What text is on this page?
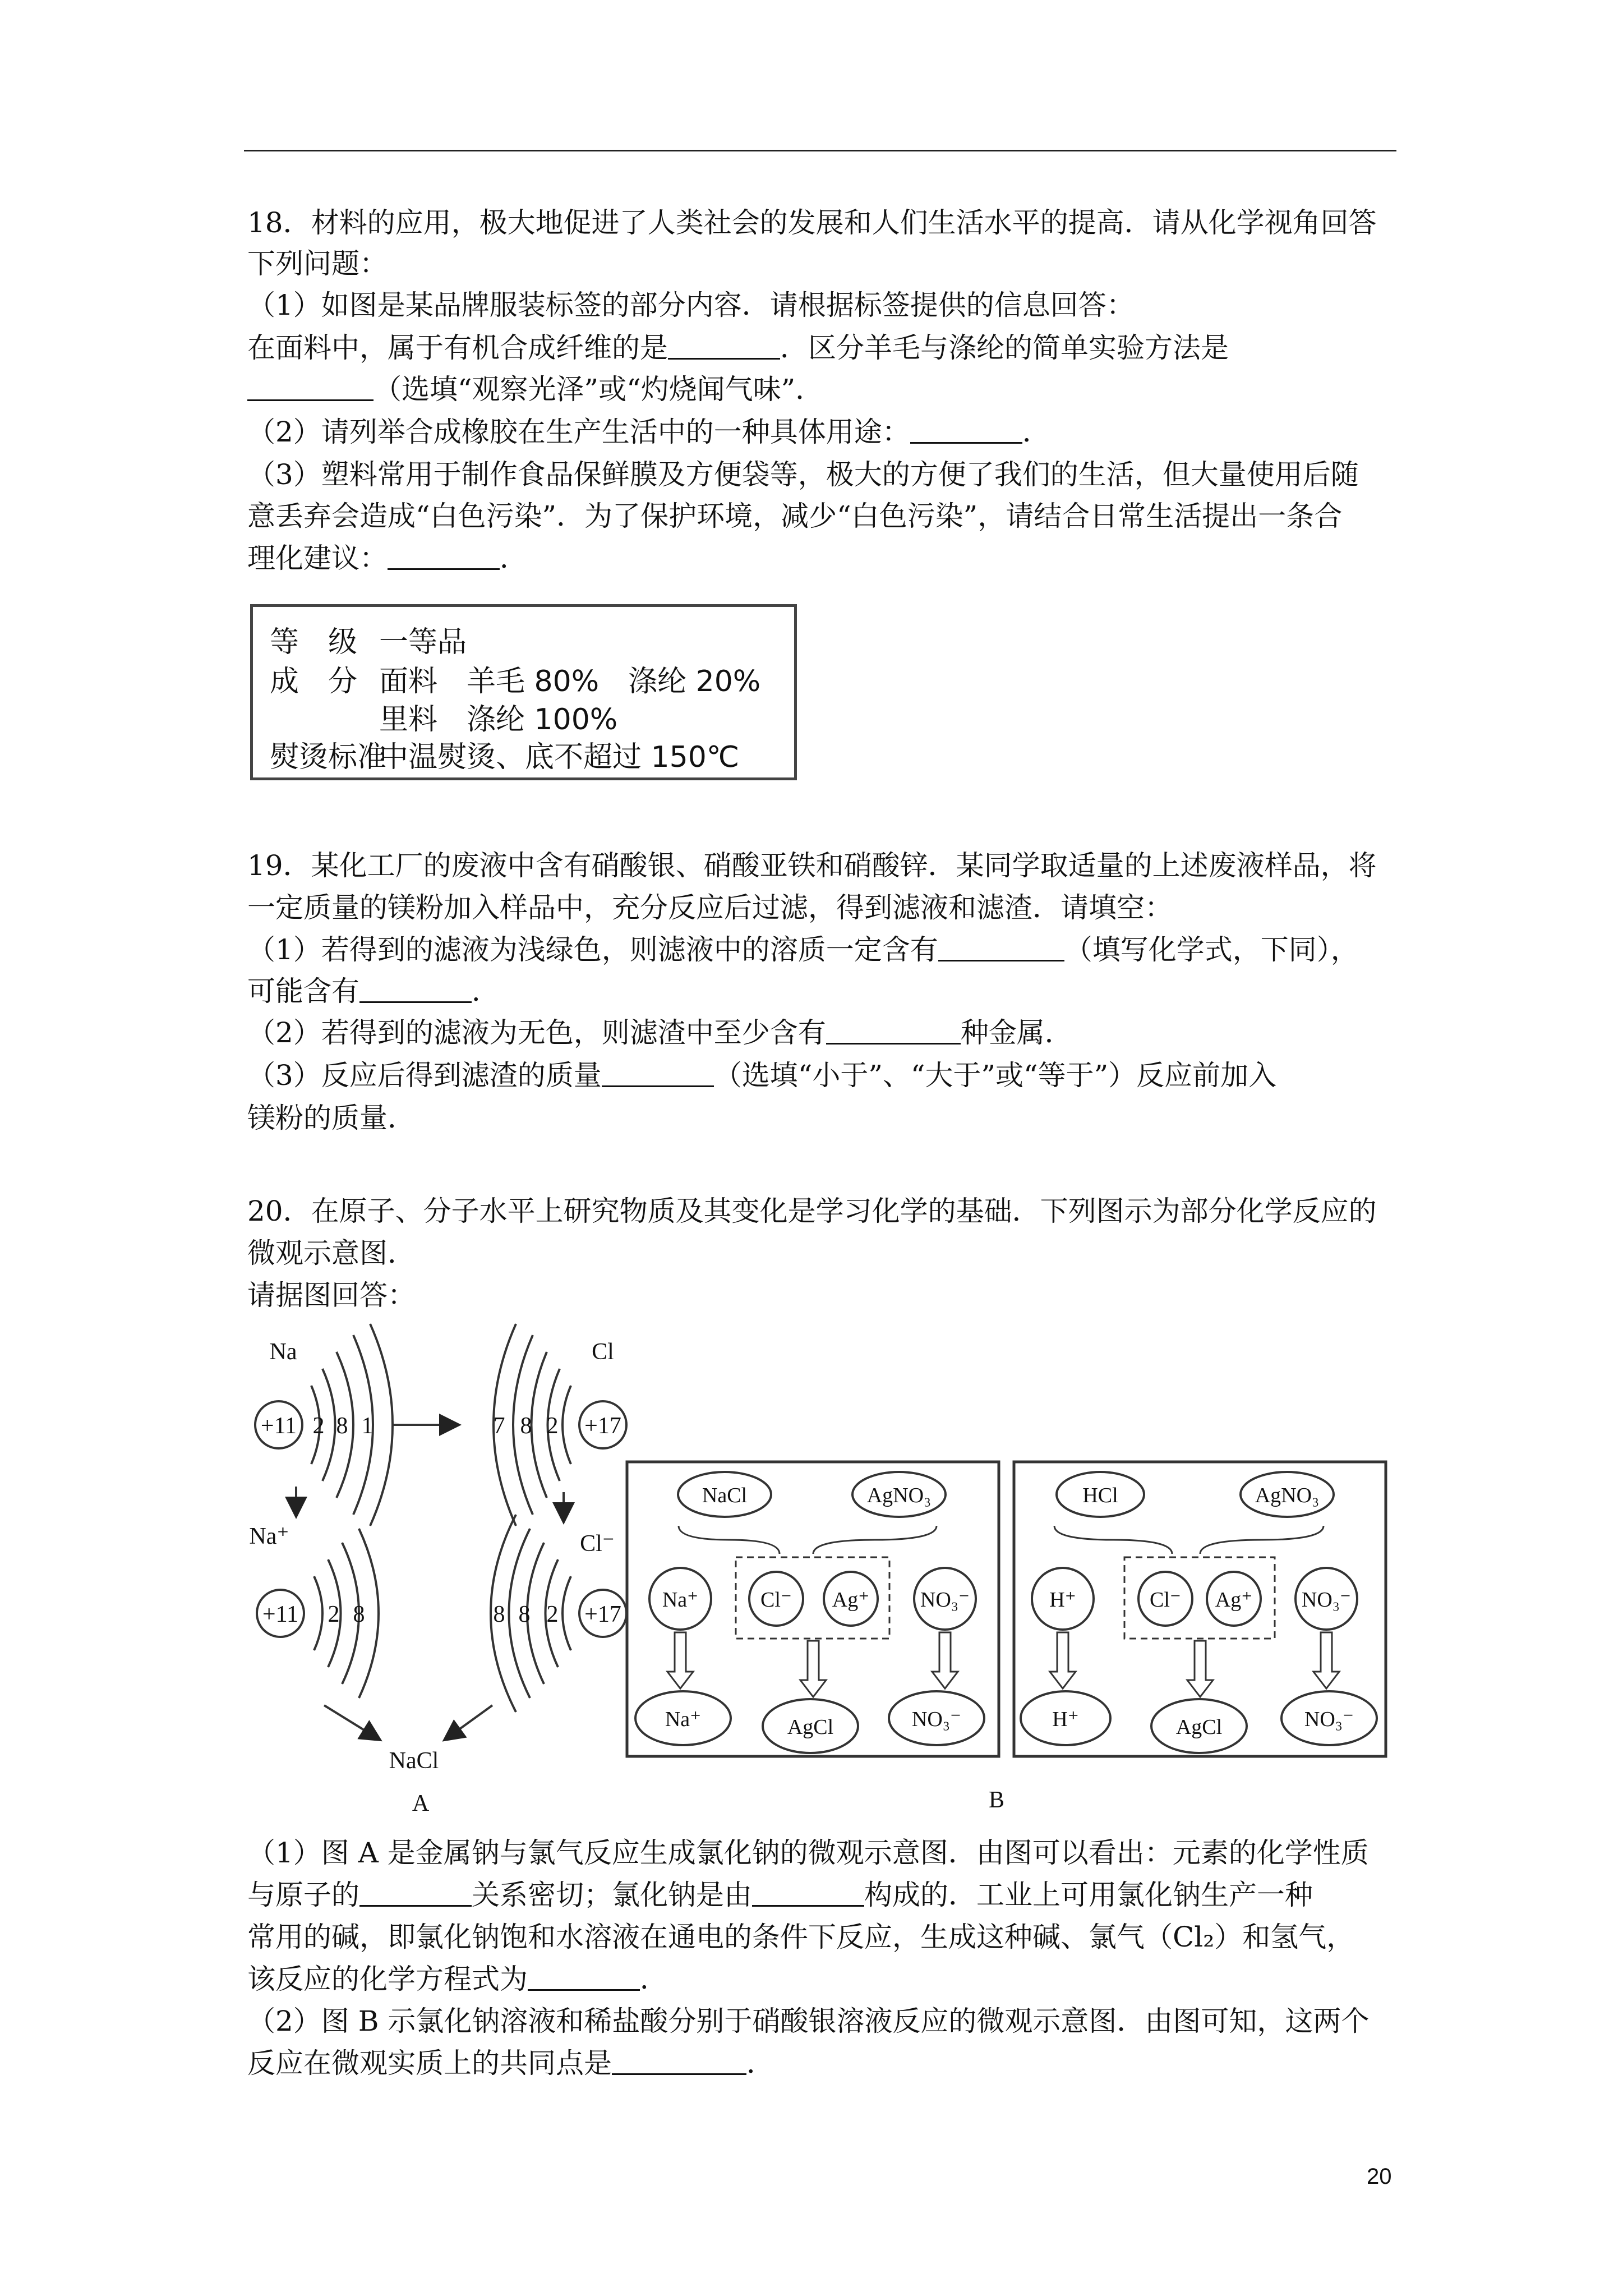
18．材料的应用，极大地促进了人类社会的发展和人们生活水平的提高．请从化学视角回答
下列问题：
（1）如图是某品牌服装标签的部分内容．请根据标签提供的信息回答：
在面料中，属于有机合成纤维的是	．区分羊毛与涤纶的简单实验方法是
（选填“观察光泽”或“灼烧闻气味”．
（2）请列举合成橡胶在生产生活中的一种具体用途：	．
（3）塑料常用于制作食品保鲜膜及方便袋等，极大的方便了我们的生活，但大量使用后随
意丢弃会造成“白色污染”．为了保护环境，减少“白色污染”，请结合日常生活提出一条合
理化建议：	．
等　级 一等品
成　分 面料　羊毛 80%　涤纶 20%
里料　涤纶 100%
熨烫标准
中温熨烫、底不超过 150℃
19．某化工厂的废液中含有硝酸银、硝酸亚铁和硝酸锌．某同学取适量的上述废液样品，将
一定质量的镁粉加入样品中，充分反应后过滤，得到滤液和滤渣．请填空：
（1）若得到的滤液为浅绿色，则滤液中的溶质一定含有	（填写化学式，下同），
可能含有	．
（2）若得到的滤液为无色，则滤渣中至少含有	种金属．
（3）反应后得到滤渣的质量	（选填“小于”、“大于”或“等于”）反应前加入
镁粉的质量．
20．在原子、分子水平上研究物质及其变化是学习化学的基础．下列图示为部分化学反应的
微观示意图．
请据图回答：
Na	Cl
+11	+17
2 8 1	7 8 2
Na⁺	Cl⁻
+11	+17
2 8	8 8 2
NaCl
A	B
NaCl	AgNO₃
Na⁺	Cl⁻ Ag⁺ NO₃⁻
Na⁺	AgCl	NO₃⁻
HCl	AgNO₃
H⁺	Cl⁻ Ag⁺ NO₃⁻
H⁺	AgCl	NO₃⁻
（1）图 A 是金属钠与氯气反应生成氯化钠的微观示意图．由图可以看出：元素的化学性质
与原子的	关系密切；氯化钠是由	构成的．工业上可用氯化钠生产一种
常用的碱，即氯化钠饱和水溶液在通电的条件下反应，生成这种碱、氯气（Cl₂）和氢气，
该反应的化学方程式为	．
（2）图 B 示氯化钠溶液和稀盐酸分别于硝酸银溶液反应的微观示意图．由图可知，这两个
反应在微观实质上的共同点是	．
20
